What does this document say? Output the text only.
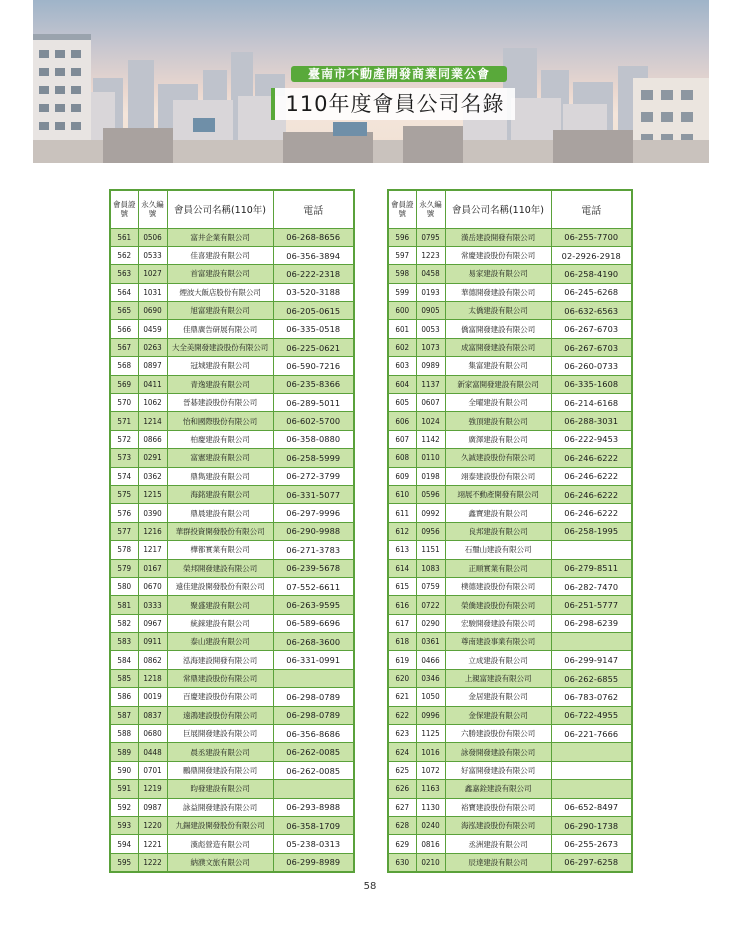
臺南市不動產開發商業同業公會
110年度會員公司名錄
會員證號	永久編號	會員公司名稱(110年)	電話
561	0506	富井企業有限公司	06-268-8656
562	0533	佳喜建設有限公司	06-356-3894
563	1027	首富建設有限公司	06-222-2318
564	1031	煙波大飯店股份有限公司	03-520-3188
565	0690	旭富建設有限公司	06-205-0615
566	0459	佳鼎廣告研展有限公司	06-335-0518
567	0263	大全美開發建設股份有限公司	06-225-0621
568	0897	冠城建設有限公司	06-590-7216
569	0411	青逸建設有限公司	06-235-8366
570	1062	晉碁建設股份有限公司	06-289-5011
571	1214	怡和國際股份有限公司	06-602-5700
572	0866	柏慶建設有限公司	06-358-0880
573	0291	富憲建設有限公司	06-258-5999
574	0362	鼎雋建設有限公司	06-272-3799
575	1215	海銘建設有限公司	06-331-5077
576	0390	鼎晨建設有限公司	06-297-9996
577	1216	華群投資開發股份有限公司	06-290-9988
578	1217	樺都實業有限公司	06-271-3783
579	0167	榮邦開發建設有限公司	06-239-5678
580	0670	遠佳建設開發股份有限公司	07-552-6611
581	0333	聚盛建設有限公司	06-263-9595
582	0967	統錸建設有限公司	06-589-6696
583	0911	泰山建設有限公司	06-268-3600
584	0862	泓海建設開發有限公司	06-331-0991
585	1218	常鼎建設股份有限公司	
586	0019	百慶建設股份有限公司	06-298-0789
587	0837	遠鴻建設股份有限公司	06-298-0789
588	0680	巨展開發建設有限公司	06-356-8686
589	0448	晨丞建設有限公司	06-262-0085
590	0701	鵬鼎開發建設有限公司	06-262-0085
591	1219	昀發建設有限公司	
592	0987	詠益開發建設有限公司	06-293-8988
593	1220	九鍚建設開發股份有限公司	06-358-1709
594	1221	漢彪營造有限公司	05-238-0313
595	1222	納濮文旅有限公司	06-299-8989
會員證號	永久編號	會員公司名稱(110年)	電話
596	0795	漢岳建設開發有限公司	06-255-7700
597	1223	常慶建設股份有限公司	02-2926-2918
598	0458	易家建設有限公司	06-258-4190
599	0193	華德開發建設有限公司	06-245-6268
600	0905	太僑建設有限公司	06-632-6563
601	0053	僑富開發建設有限公司	06-267-6703
602	1073	成富開發建設有限公司	06-267-6703
603	0989	集富建設有限公司	06-260-0733
604	1137	新家富開發建設有限公司	06-335-1608
605	0607	全曜建設有限公司	06-214-6168
606	1024	強頂建設有限公司	06-288-3031
607	1142	廣澤建設有限公司	06-222-9453
608	0110	久誠建設股份有限公司	06-246-6222
609	0198	翊泰建設股份有限公司	06-246-6222
610	0596	翊展不動產開發有限公司	06-246-6222
611	0992	鑫寶建設有限公司	06-246-6222
612	0956	良邦建設有限公司	06-258-1995
613	1151	石璽山建設有限公司	
614	1083	正順實業有限公司	06-279-8511
615	0759	樸德建設股份有限公司	06-282-7470
616	0722	榮僑建設股份有限公司	06-251-5777
617	0290	宏駿開發建設有限公司	06-298-6239
618	0361	尊南建設事業有限公司	
619	0466	立成建設有限公司	06-299-9147
620	0346	上親富建設有限公司	06-262-6855
621	1050	金居建設有限公司	06-783-0762
622	0996	金保建設有限公司	06-722-4955
623	1125	六勝建設股份有限公司	06-221-7666
624	1016	詠發開發建設有限公司	
625	1072	好富開發建設有限公司	
626	1163	鑫嘉銓建設有限公司	
627	1130	裕寶建設股份有限公司	06-652-8497
628	0240	海泓建設股份有限公司	06-290-1738
629	0816	丞洲建設有限公司	06-255-2673
630	0210	辰達建設有限公司	06-297-6258
58
